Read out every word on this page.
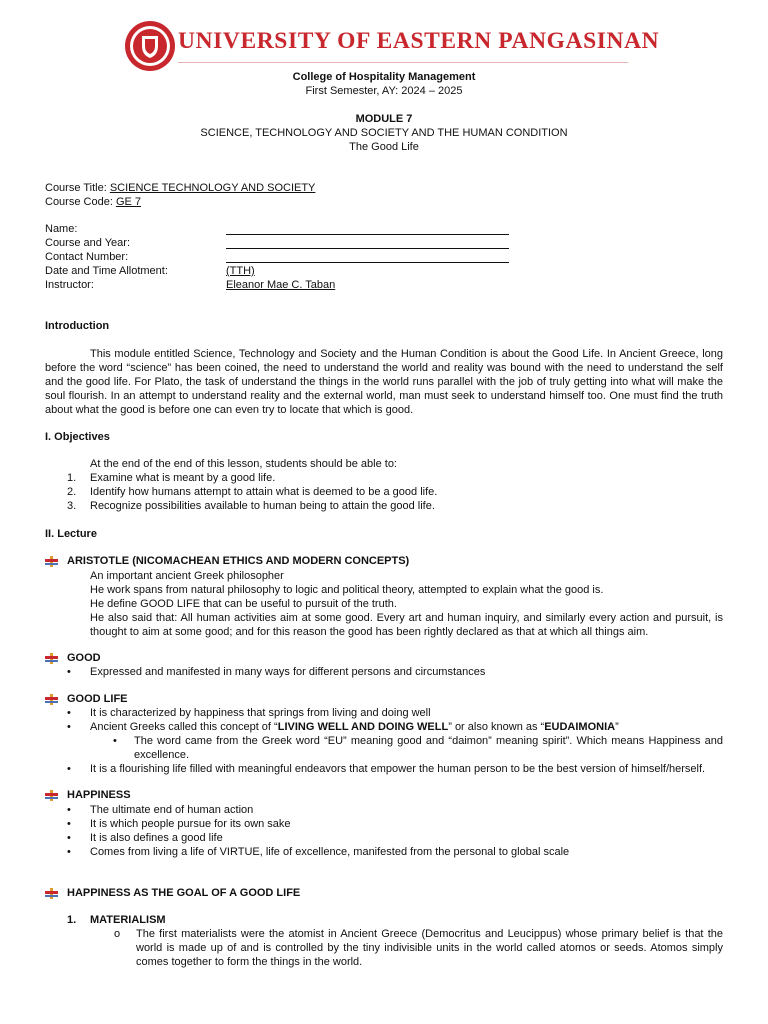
UNIVERSITY OF EASTERN PANGASINAN
College of Hospitality Management
First Semester, AY: 2024 – 2025
MODULE 7
SCIENCE, TECHNOLOGY AND SOCIETY AND THE HUMAN CONDITION
The Good Life
Course Title: SCIENCE TECHNOLOGY AND SOCIETY
Course Code: GE 7
Name:
Course and Year:
Contact Number:
Date and Time Allotment:	(TTH)
Instructor:	Eleanor Mae C. Taban
Introduction
This module entitled Science, Technology and Society and the Human Condition is about the Good Life. In Ancient Greece, long before the word “science” has been coined, the need to understand the world and reality was bound with the need to understand the self and the good life. For Plato, the task of understand the things in the world runs parallel with the job of truly getting into what will make the soul flourish. In an attempt to understand reality and the external world, man must seek to understand himself too. One must find the truth about what the good is before one can even try to locate that which is good.
I. Objectives
At the end of the end of this lesson, students should be able to:
1. Examine what is meant by a good life.
2. Identify how humans attempt to attain what is deemed to be a good life.
3. Recognize possibilities available to human being to attain the good life.
II. Lecture
ARISTOTLE (NICOMACHEAN ETHICS AND MODERN CONCEPTS)
An important ancient Greek philosopher
He work spans from natural philosophy to logic and political theory, attempted to explain what the good is.
He define GOOD LIFE that can be useful to pursuit of the truth.
He also said that: All human activities aim at some good. Every art and human inquiry, and similarly every action and pursuit, is thought to aim at some good; and for this reason the good has been rightly declared as that at which all things aim.
GOOD
• Expressed and manifested in many ways for different persons and circumstances
GOOD LIFE
• It is characterized by happiness that springs from living and doing well
• Ancient Greeks called this concept of “LIVING WELL AND DOING WELL” or also known as “EUDAIMONIA”
• The word came from the Greek word “EU” meaning good and “daimon” meaning spirit”. Which means Happiness and excellence.
• It is a flourishing life filled with meaningful endeavors that empower the human person to be the best version of himself/herself.
HAPPINESS
• The ultimate end of human action
• It is which people pursue for its own sake
• It is also defines a good life
• Comes from living a life of VIRTUE, life of excellence, manifested from the personal to global scale
HAPPINESS AS THE GOAL OF A GOOD LIFE
1. MATERIALISM
o The first materialists were the atomist in Ancient Greece (Democritus and Leucippus) whose primary belief is that the world is made up of and is controlled by the tiny indivisible units in the world called atomos or seeds. Atomos simply comes together to form the things in the world.
